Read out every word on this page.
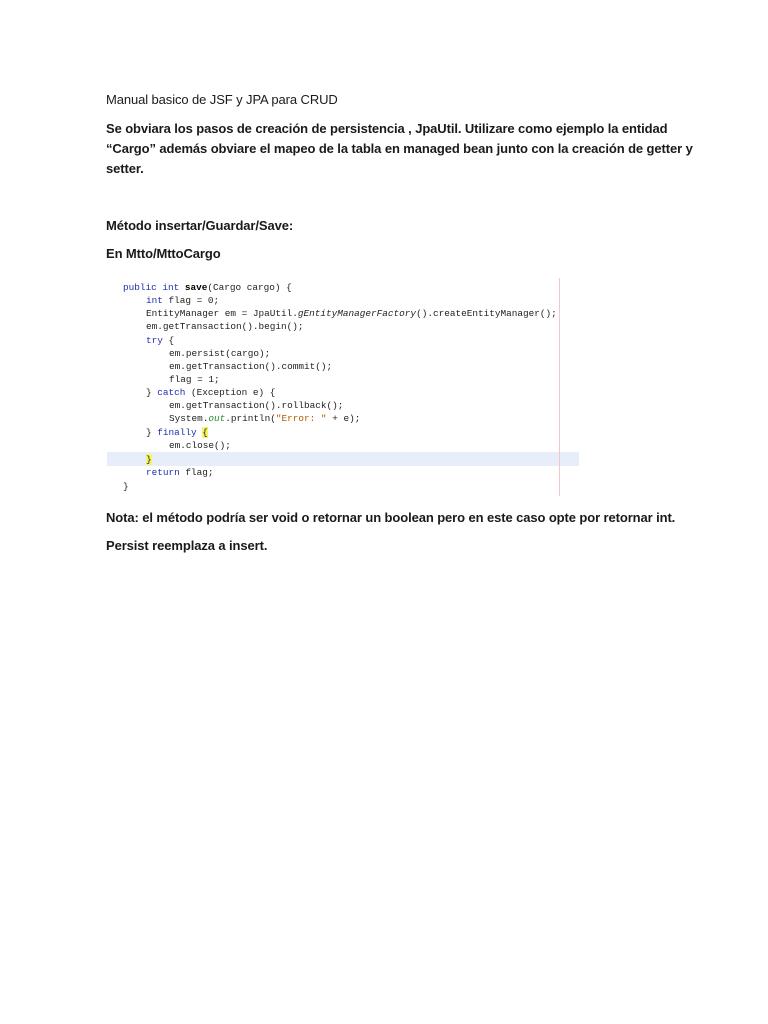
Manual basico de JSF y JPA para CRUD
Se obviara los pasos de creación de persistencia , JpaUtil. Utilizare como ejemplo la entidad
“Cargo” además obviare el mapeo de la tabla en managed bean junto con la creación de getter y
setter.
Método insertar/Guardar/Save:
En Mtto/MttoCargo
public int save(Cargo cargo) {
int flag = 0;
EntityManager em = JpaUtil.gEntityManagerFactory().createEntityManager();
em.getTransaction().begin();
try {
em.persist(cargo);
em.getTransaction().commit();
flag = 1;
} catch (Exception e) {
em.getTransaction().rollback();
System.out.println("Error: " + e);
} finally {
em.close();
}
return flag;
}
Nota: el método podría ser void o retornar un boolean pero en este caso opte por retornar int.
Persist reemplaza a insert.
